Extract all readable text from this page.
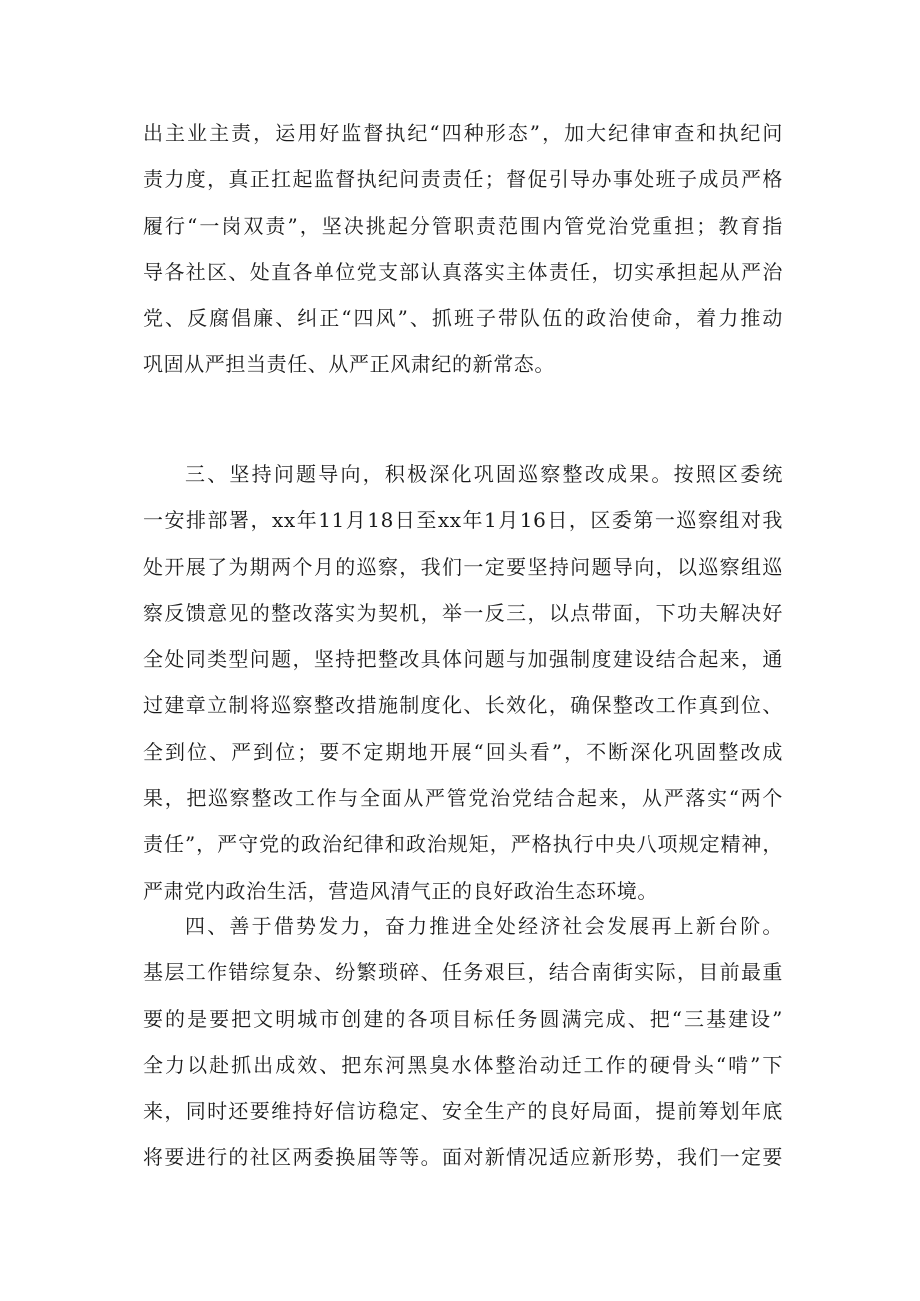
出主业主责，运用好监督执纪“四种形态”，加大纪律审查和执纪问
责力度，真正扛起监督执纪问责责任；督促引导办事处班子成员严格
履行“一岗双责”，坚决挑起分管职责范围内管党治党重担；教育指
导各社区、处直各单位党支部认真落实主体责任，切实承担起从严治
党、反腐倡廉、纠正“四风”、抓班子带队伍的政治使命，着力推动
巩固从严担当责任、从严正风肃纪的新常态。
三、坚持问题导向，积极深化巩固巡察整改成果。按照区委统
一安排部署，xx年11月18日至xx年1月16日，区委第一巡察组对我
处开展了为期两个月的巡察，我们一定要坚持问题导向，以巡察组巡
察反馈意见的整改落实为契机，举一反三，以点带面，下功夫解决好
全处同类型问题，坚持把整改具体问题与加强制度建设结合起来，通
过建章立制将巡察整改措施制度化、长效化，确保整改工作真到位、
全到位、严到位；要不定期地开展“回头看”，不断深化巩固整改成
果，把巡察整改工作与全面从严管党治党结合起来，从严落实“两个
责任”，严守党的政治纪律和政治规矩，严格执行中央八项规定精神，
严肃党内政治生活，营造风清气正的良好政治生态环境。
四、善于借势发力，奋力推进全处经济社会发展再上新台阶。
基层工作错综复杂、纷繁琐碎、任务艰巨，结合南街实际，目前最重
要的是要把文明城市创建的各项目标任务圆满完成、把“三基建设”
全力以赴抓出成效、把东河黑臭水体整治动迁工作的硬骨头“啃”下
来，同时还要维持好信访稳定、安全生产的良好局面，提前筹划年底
将要进行的社区两委换届等等。面对新情况适应新形势，我们一定要
